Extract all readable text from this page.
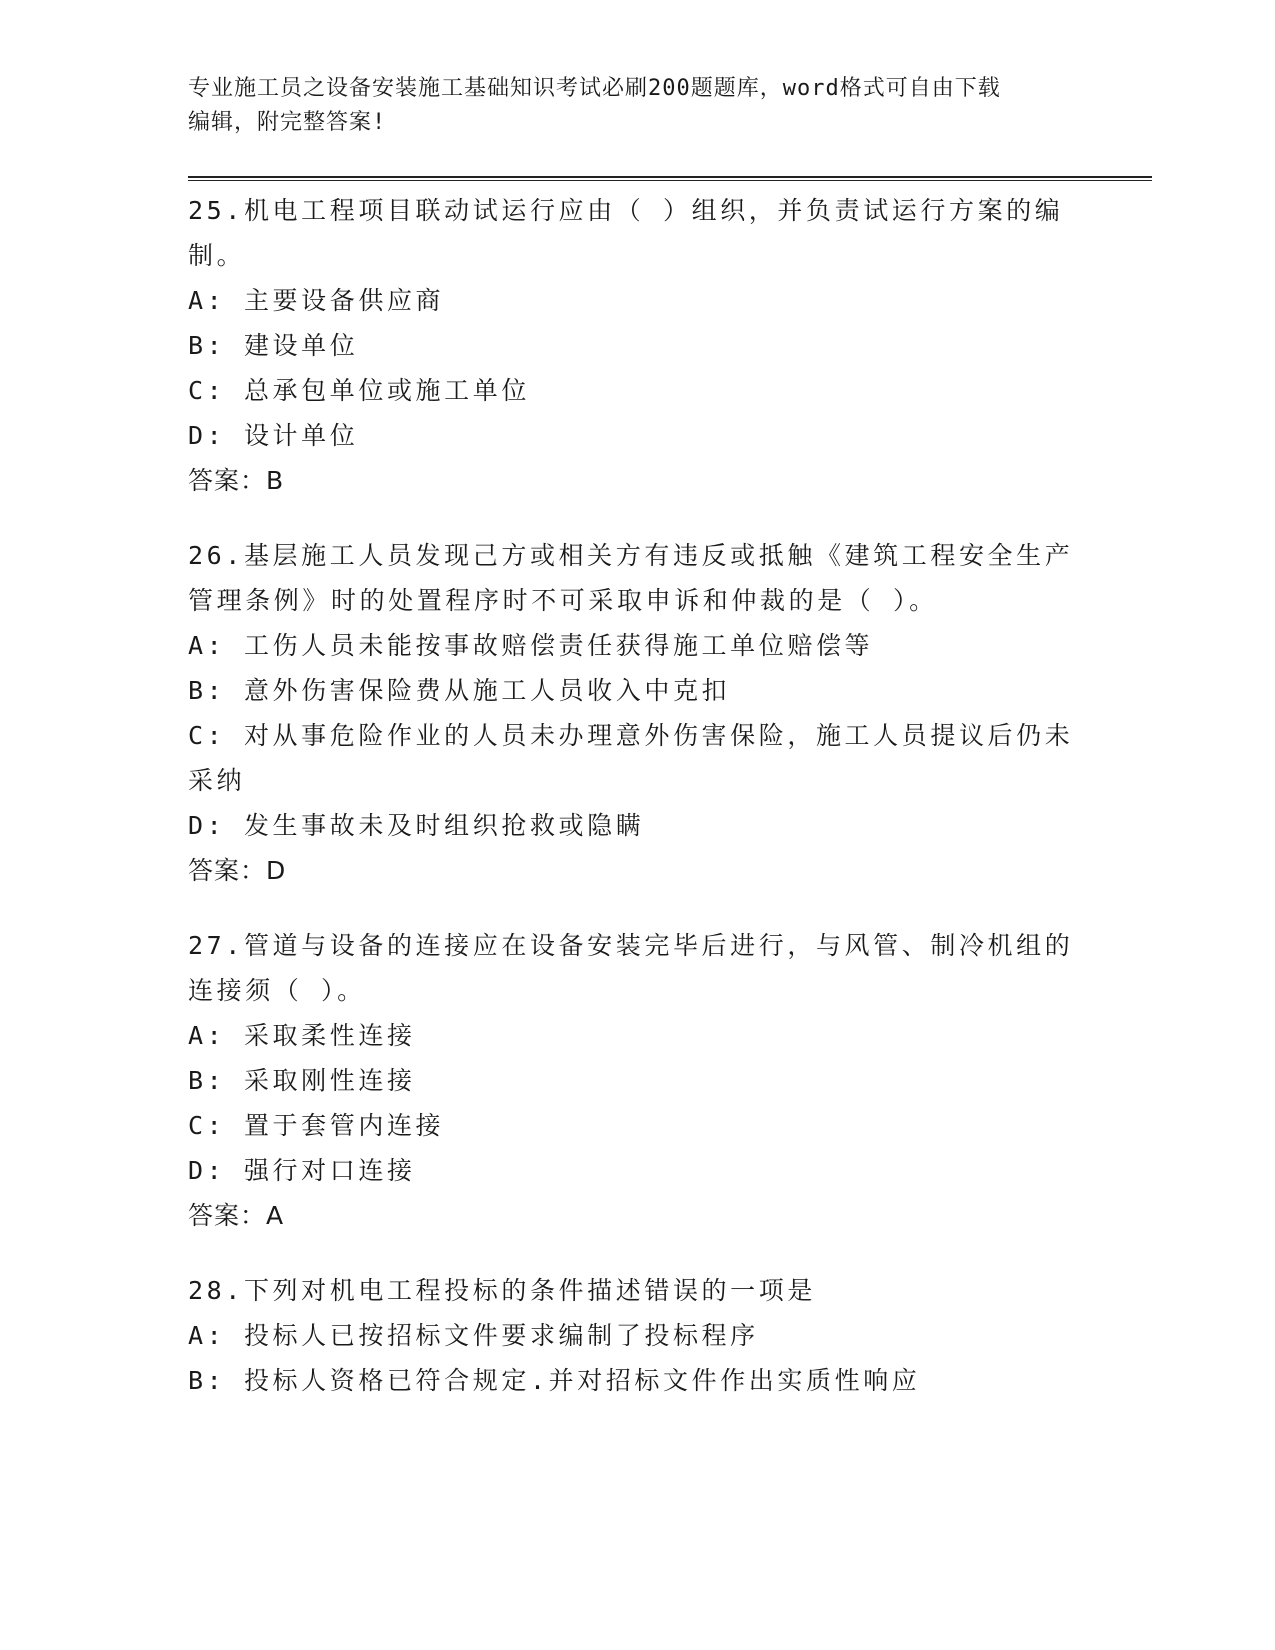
专业施工员之设备安装施工基础知识考试必刷200题题库，word格式可自由下载
编辑，附完整答案!
25.机电工程项目联动试运行应由（ ）组织，并负责试运行方案的编制。
A: 主要设备供应商
B: 建设单位
C: 总承包单位或施工单位
D: 设计单位
答案：B
26.基层施工人员发现己方或相关方有违反或抵触《建筑工程安全生产管理条例》时的处置程序时不可采取申诉和仲裁的是（ ）。
A: 工伤人员未能按事故赔偿责任获得施工单位赔偿等
B: 意外伤害保险费从施工人员收入中克扣
C: 对从事危险作业的人员未办理意外伤害保险，施工人员提议后仍未采纳
D: 发生事故未及时组织抢救或隐瞒
答案：D
27.管道与设备的连接应在设备安装完毕后进行，与风管、制冷机组的连接须（ ）。
A: 采取柔性连接
B: 采取刚性连接
C: 置于套管内连接
D: 强行对口连接
答案：A
28.下列对机电工程投标的条件描述错误的一项是
A: 投标人已按招标文件要求编制了投标程序
B: 投标人资格已符合规定.并对招标文件作出实质性响应
